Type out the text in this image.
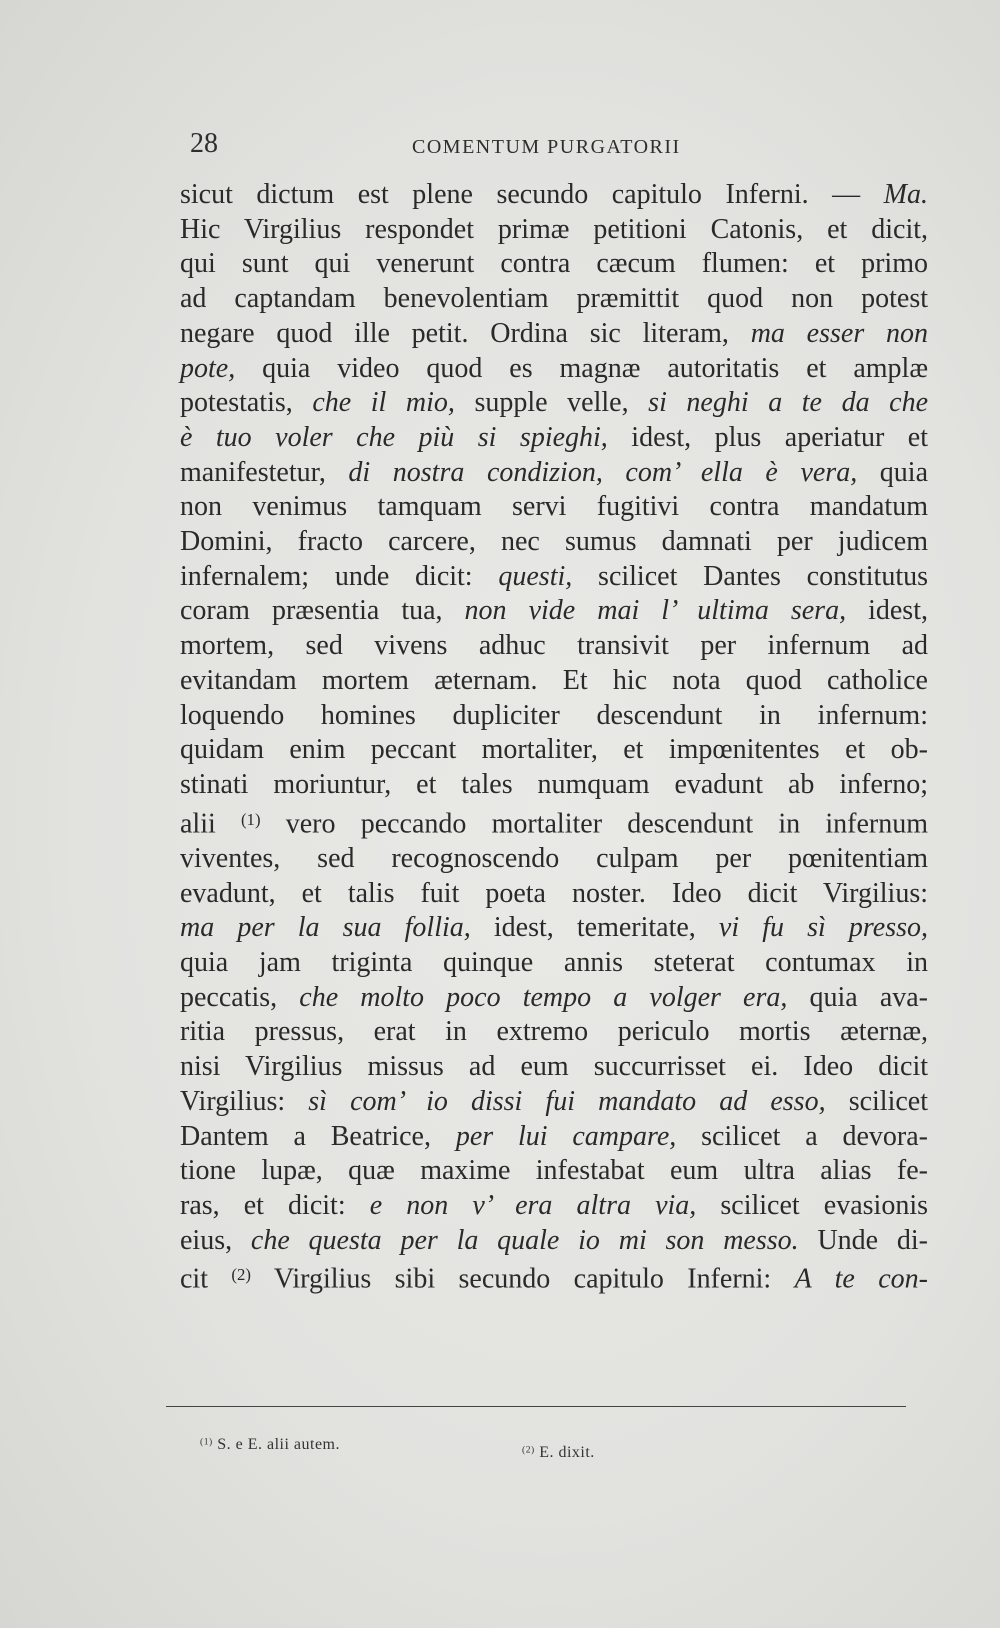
28	COMENTUM PURGATORII
sicut dictum est plene secundo capitulo Inferni. — Ma.
Hic Virgilius respondet primæ petitioni Catonis, et dicit,
qui sunt qui venerunt contra cæcum flumen: et primo
ad captandam benevolentiam præmittit quod non potest
negare quod ille petit. Ordina sic literam, ma esser non
pote, quia video quod es magnæ autoritatis et amplæ
potestatis, che il mio, supple velle, si neghi a te da che
è tuo voler che più si spieghi, idest, plus aperiatur et
manifestetur, di nostra condizion, com’ ella è vera, quia
non venimus tamquam servi fugitivi contra mandatum
Domini, fracto carcere, nec sumus damnati per judicem
infernalem; unde dicit: questi, scilicet Dantes constitutus
coram præsentia tua, non vide mai l’ ultima sera, idest,
mortem, sed vivens adhuc transivit per infernum ad
evitandam mortem æternam. Et hic nota quod catholice
loquendo homines dupliciter descendunt in infernum:
quidam enim peccant mortaliter, et impœnitentes et ob-
stinati moriuntur, et tales numquam evadunt ab inferno;
alii $^{(1)}$ vero peccando mortaliter descendunt in infernum
viventes, sed recognoscendo culpam per pœnitentiam
evadunt, et talis fuit poeta noster. Ideo dicit Virgilius:
ma per la sua follia, idest, temeritate, vi fu sì presso,
quia jam triginta quinque annis steterat contumax in
peccatis, che molto poco tempo a volger era, quia ava-
ritia pressus, erat in extremo periculo mortis æternæ,
nisi Virgilius missus ad eum succurrisset ei. Ideo dicit
Virgilius: sì com’ io dissi fui mandato ad esso, scilicet
Dantem a Beatrice, per lui campare, scilicet a devora-
tione lupæ, quæ maxime infestabat eum ultra alias fe-
ras, et dicit: e non v’ era altra via, scilicet evasionis
eius, che questa per la quale io mi son messo. Unde di-
cit $^{(2)}$ Virgilius sibi secundo capitulo Inferni: A te con-
$^{(1)}$ S. e E. alii autem.	$^{(2)}$ E. dixit.
